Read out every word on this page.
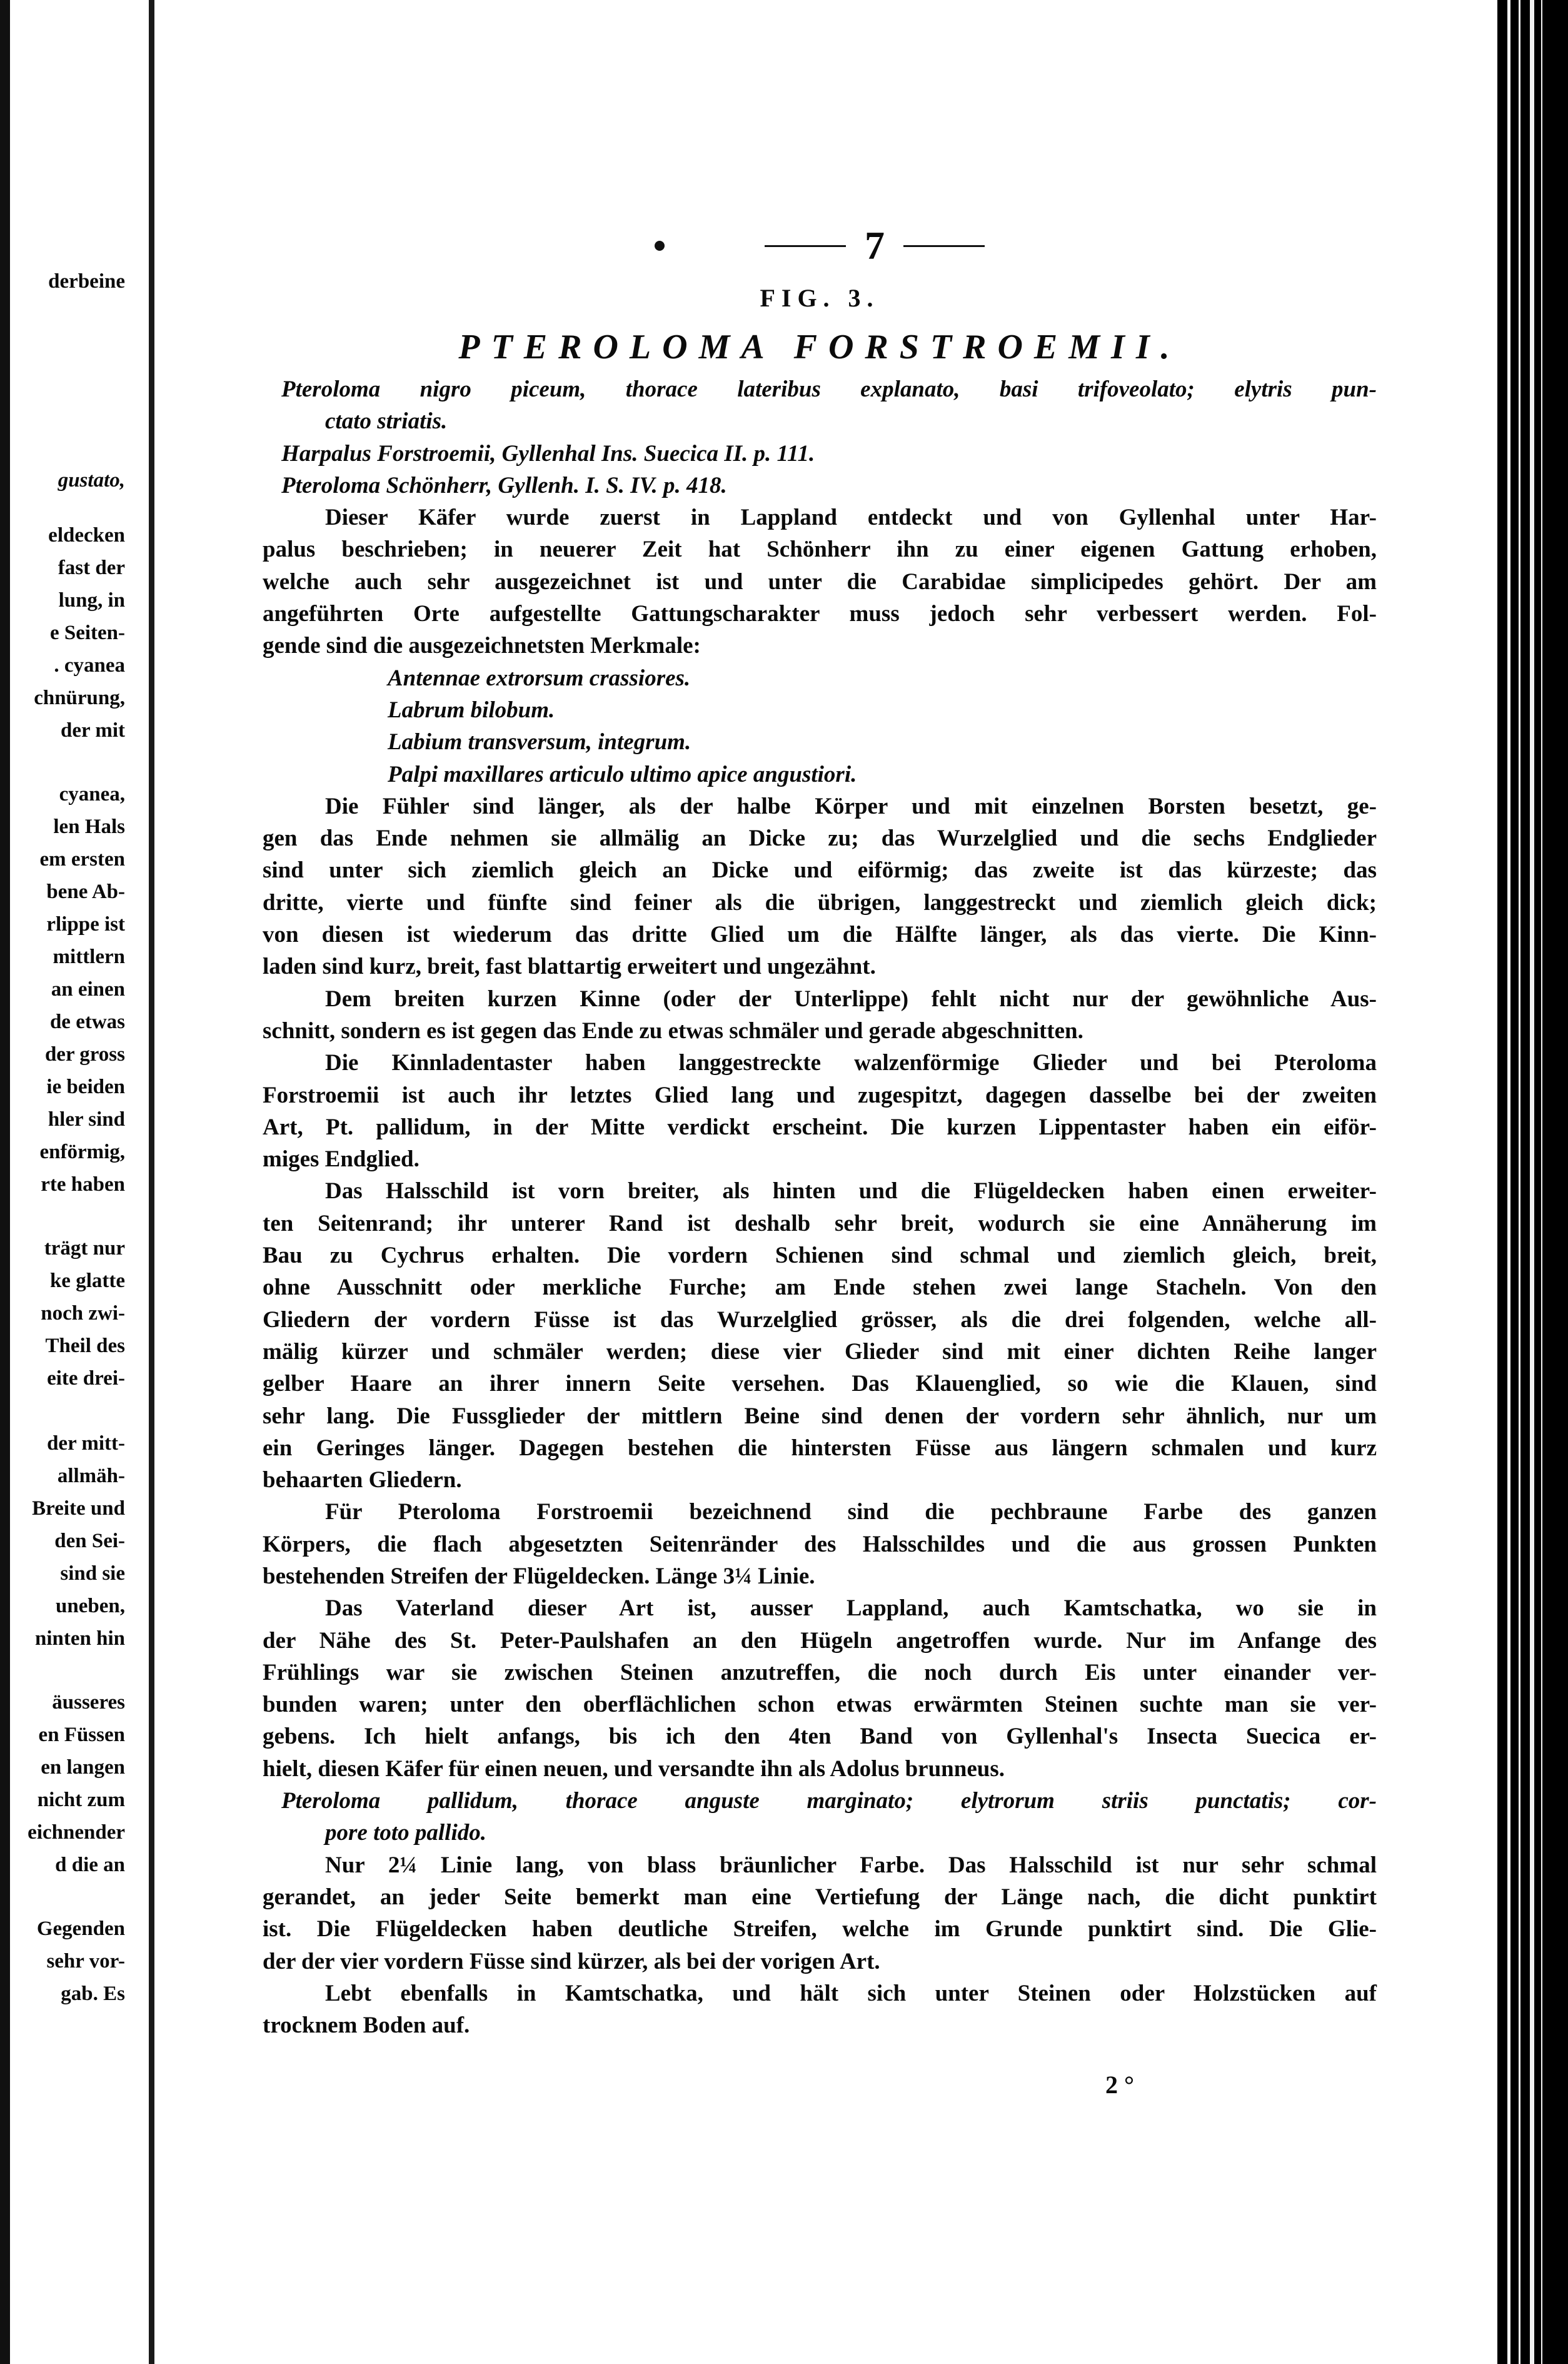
derbeine
gustato,
eldecken
fast der
lung, in
e Seiten-
. cyanea
chnürung,
der mit
cyanea,
len Hals
em ersten
bene Ab-
rlippe ist
mittlern
an einen
de etwas
der gross
ie beiden
hler sind
enförmig,
rte haben
trägt nur
ke glatte
noch zwi-
Theil des
eite drei-
der mitt-
allmäh-
Breite und
den Sei-
sind sie
uneben,
ninten hin
äusseres
en Füssen
en langen
nicht zum
eichnender
d die an
Gegenden
sehr vor-
gab. Es
7
FIG. 3.
PTEROLOMA FORSTROEMII.
Pteroloma nigro piceum, thorace lateribus explanato, basi trifoveolato; elytris pun-
ctato striatis.
Harpalus Forstroemii, Gyllenhal Ins. Suecica II. p. 111.
Pteroloma Schönherr, Gyllenh. I. S. IV. p. 418.
Dieser Käfer wurde zuerst in Lappland entdeckt und von Gyllenhal unter Har-
palus beschrieben; in neuerer Zeit hat Schönherr ihn zu einer eigenen Gattung erhoben,
welche auch sehr ausgezeichnet ist und unter die Carabidae simplicipedes gehört. Der am
angeführten Orte aufgestellte Gattungscharakter muss jedoch sehr verbessert werden. Fol-
gende sind die ausgezeichnetsten Merkmale:
Antennae extrorsum crassiores.
Labrum bilobum.
Labium transversum, integrum.
Palpi maxillares articulo ultimo apice angustiori.
Die Fühler sind länger, als der halbe Körper und mit einzelnen Borsten besetzt, ge-
gen das Ende nehmen sie allmälig an Dicke zu; das Wurzelglied und die sechs Endglieder
sind unter sich ziemlich gleich an Dicke und eiförmig; das zweite ist das kürzeste; das
dritte, vierte und fünfte sind feiner als die übrigen, langgestreckt und ziemlich gleich dick;
von diesen ist wiederum das dritte Glied um die Hälfte länger, als das vierte. Die Kinn-
laden sind kurz, breit, fast blattartig erweitert und ungezähnt.
Dem breiten kurzen Kinne (oder der Unterlippe) fehlt nicht nur der gewöhnliche Aus-
schnitt, sondern es ist gegen das Ende zu etwas schmäler und gerade abgeschnitten.
Die Kinnladentaster haben langgestreckte walzenförmige Glieder und bei Pteroloma
Forstroemii ist auch ihr letztes Glied lang und zugespitzt, dagegen dasselbe bei der zweiten
Art, Pt. pallidum, in der Mitte verdickt erscheint. Die kurzen Lippentaster haben ein eiför-
miges Endglied.
Das Halsschild ist vorn breiter, als hinten und die Flügeldecken haben einen erweiter-
ten Seitenrand; ihr unterer Rand ist deshalb sehr breit, wodurch sie eine Annäherung im
Bau zu Cychrus erhalten. Die vordern Schienen sind schmal und ziemlich gleich, breit,
ohne Ausschnitt oder merkliche Furche; am Ende stehen zwei lange Stacheln. Von den
Gliedern der vordern Füsse ist das Wurzelglied grösser, als die drei folgenden, welche all-
mälig kürzer und schmäler werden; diese vier Glieder sind mit einer dichten Reihe langer
gelber Haare an ihrer innern Seite versehen. Das Klauenglied, so wie die Klauen, sind
sehr lang. Die Fussglieder der mittlern Beine sind denen der vordern sehr ähnlich, nur um
ein Geringes länger. Dagegen bestehen die hintersten Füsse aus längern schmalen und kurz
behaarten Gliedern.
Für Pteroloma Forstroemii bezeichnend sind die pechbraune Farbe des ganzen
Körpers, die flach abgesetzten Seitenränder des Halsschildes und die aus grossen Punkten
bestehenden Streifen der Flügeldecken. Länge 3¼ Linie.
Das Vaterland dieser Art ist, ausser Lappland, auch Kamtschatka, wo sie in
der Nähe des St. Peter-Paulshafen an den Hügeln angetroffen wurde. Nur im Anfange des
Frühlings war sie zwischen Steinen anzutreffen, die noch durch Eis unter einander ver-
bunden waren; unter den oberflächlichen schon etwas erwärmten Steinen suchte man sie ver-
gebens. Ich hielt anfangs, bis ich den 4ten Band von Gyllenhal's Insecta Suecica er-
hielt, diesen Käfer für einen neuen, und versandte ihn als Adolus brunneus.
Pteroloma pallidum, thorace anguste marginato; elytrorum striis punctatis; cor-
pore toto pallido.
Nur 2¼ Linie lang, von blass bräunlicher Farbe. Das Halsschild ist nur sehr schmal
gerandet, an jeder Seite bemerkt man eine Vertiefung der Länge nach, die dicht punktirt
ist. Die Flügeldecken haben deutliche Streifen, welche im Grunde punktirt sind. Die Glie-
der der vier vordern Füsse sind kürzer, als bei der vorigen Art.
Lebt ebenfalls in Kamtschatka, und hält sich unter Steinen oder Holzstücken auf
trocknem Boden auf.
2 °
